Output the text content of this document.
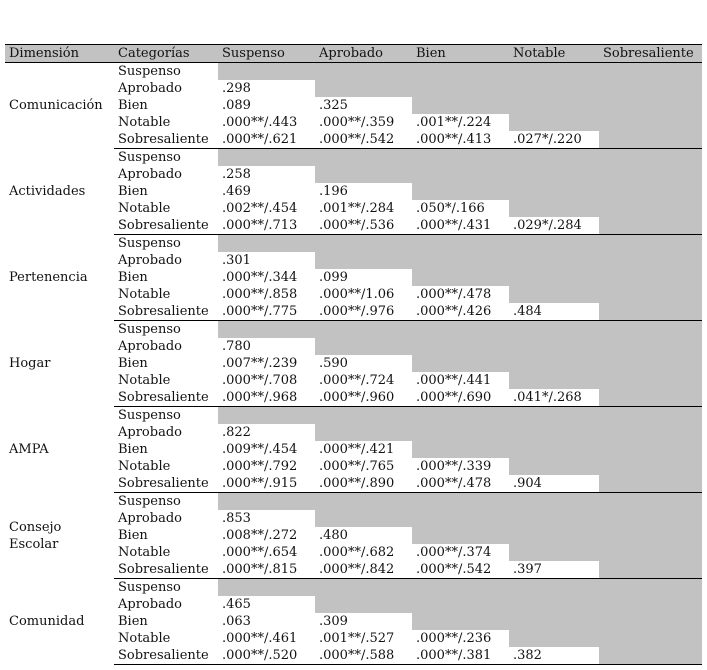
Dimensión	Categorías	Suspenso	Aprobado	Bien	Notable	Sobresaliente
Comunicación	Suspenso					
	Aprobado	.298				
	Bien	.089	.325			
	Notable	.000**/.443	.000**/.359	.001**/.224		
	Sobresaliente	.000**/.621	.000**/.542	.000**/.413	.027*/.220	
Actividades	Suspenso					
	Aprobado	.258				
	Bien	.469	.196			
	Notable	.002**/.454	.001**/.284	.050*/.166		
	Sobresaliente	.000**/.713	.000**/.536	.000**/.431	.029*/.284	
Pertenencia	Suspenso					
	Aprobado	.301				
	Bien	.000**/.344	.099			
	Notable	.000**/.858	.000**/1.06	.000**/.478		
	Sobresaliente	.000**/.775	.000**/.976	.000**/.426	.484	
Hogar	Suspenso					
	Aprobado	.780				
	Bien	.007**/.239	.590			
	Notable	.000**/.708	.000**/.724	.000**/.441		
	Sobresaliente	.000**/.968	.000**/.960	.000**/.690	.041*/.268	
AMPA	Suspenso					
	Aprobado	.822				
	Bien	.009**/.454	.000**/.421			
	Notable	.000**/.792	.000**/.765	.000**/.339		
	Sobresaliente	.000**/.915	.000**/.890	.000**/.478	.904	
Consejo Escolar	Suspenso					
	Aprobado	.853				
	Bien	.008**/.272	.480			
	Notable	.000**/.654	.000**/.682	.000**/.374		
	Sobresaliente	.000**/.815	.000**/.842	.000**/.542	.397	
Comunidad	Suspenso					
	Aprobado	.465				
	Bien	.063	.309			
	Notable	.000**/.461	.001**/.527	.000**/.236		
	Sobresaliente	.000**/.520	.000**/.588	.000**/.381	.382	
